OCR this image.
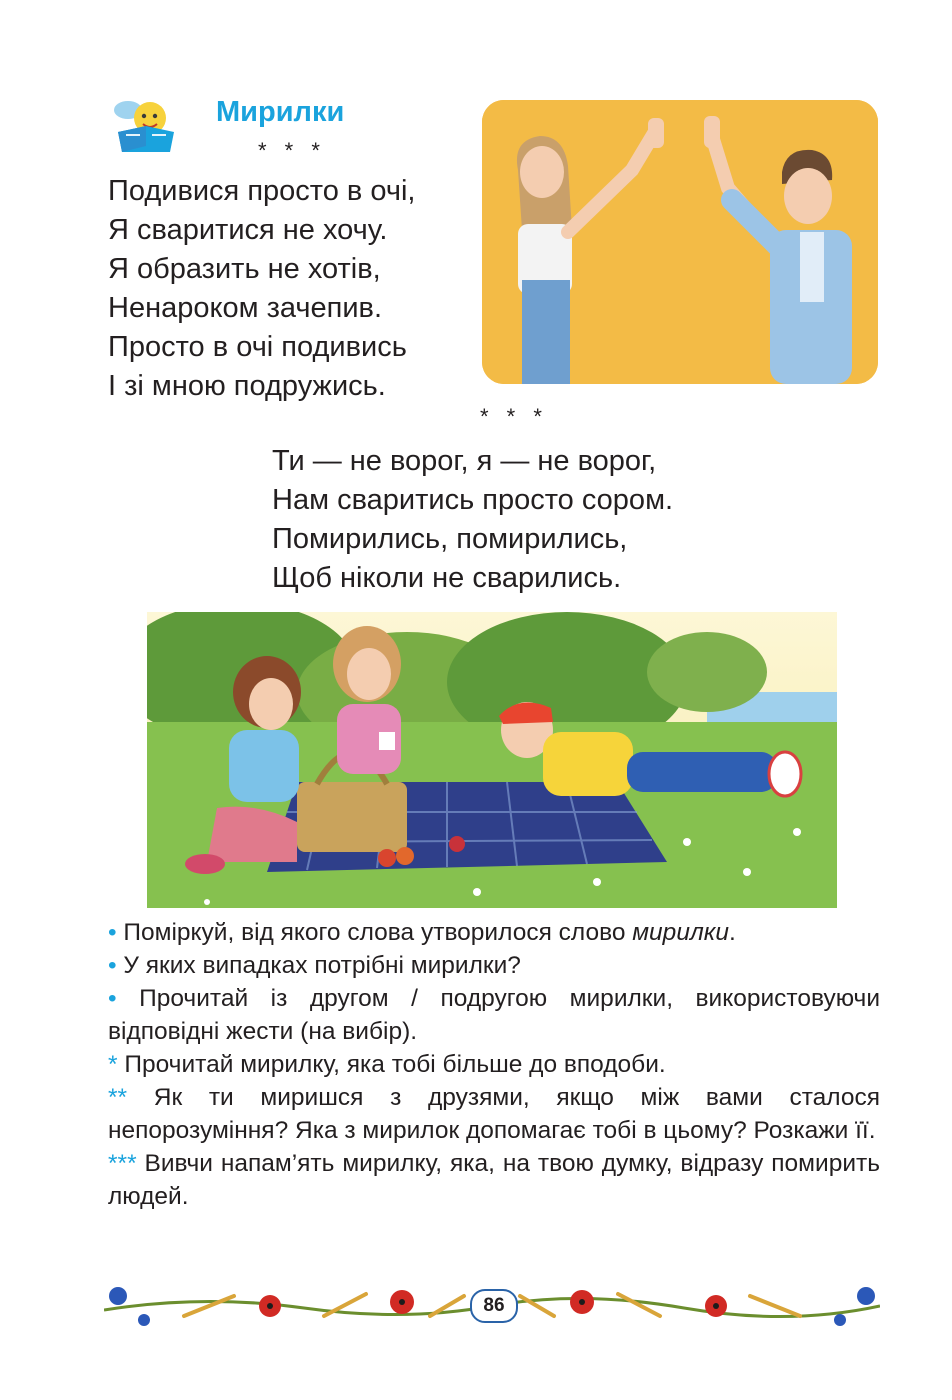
Мирилки
* * *
Подивися просто в очі,
Я сваритися не хочу.
Я образить не хотів,
Ненароком зачепив.
Просто в очі подивись
І зі мною подружись.
* * *
Ти — не ворог, я — не ворог,
Нам сваритись просто сором.
Помирились, помирились,
Щоб ніколи не сварились.
• Поміркуй, від якого слова утворилося слово мирилки.
• У яких випадках потрібні мирилки?
• Прочитай із другом / подругою мирилки, використовуючи відповідні жести (на вибір).
* Прочитай мирилку, яка тобі більше до вподоби.
** Як ти миришся з друзями, якщо між вами сталося непорозуміння? Яка з мирилок допомагає тобі в цьому? Розкажи її.
*** Вивчи напам’ять мирилку, яка, на твою думку, відразу помирить людей.
86
